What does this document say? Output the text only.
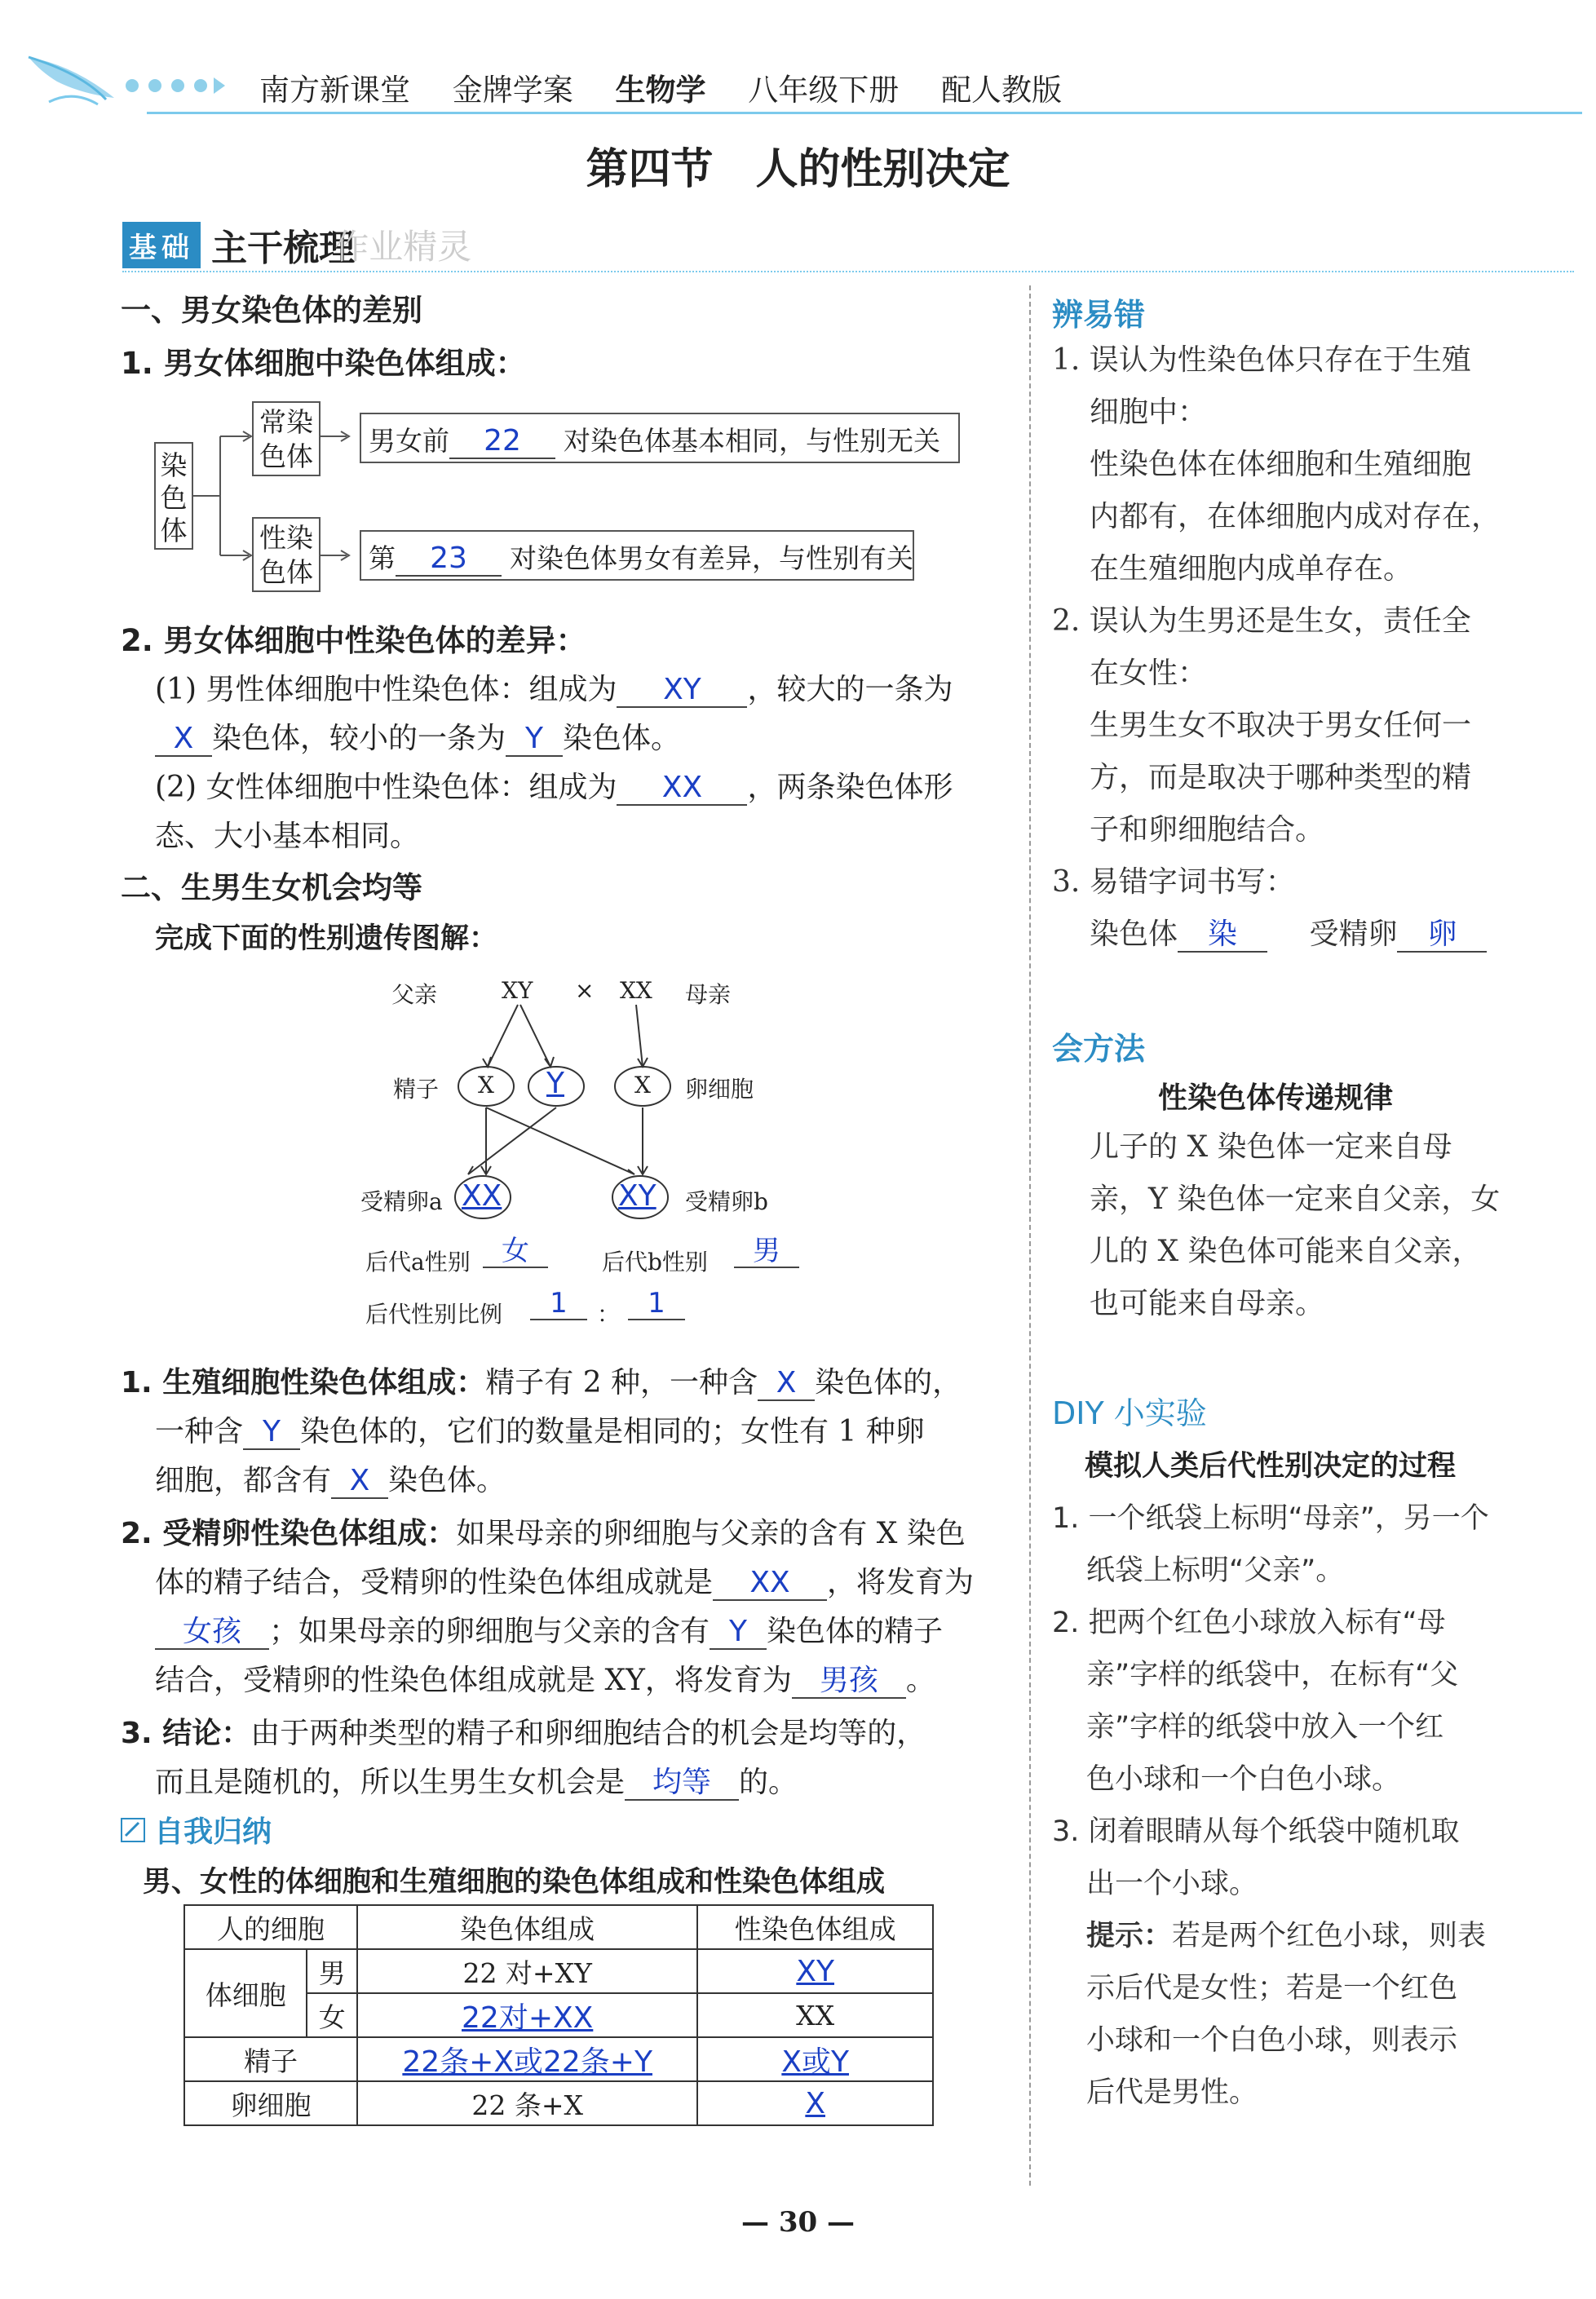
南方新课堂 金牌学案 生物学 八年级下册 配人教版
第四节　人的性别决定
基础 主干梳理 作业精灵
一、男女染色体的差别
1. 男女体细胞中染色体组成：
染色体
常染色体
性染色体
男女前 22 对染色体基本相同，与性别无关
第 23 对染色体男女有差异，与性别有关
2. 男女体细胞中性染色体的差异：
(1) 男性体细胞中性染色体：组成为 XY ，较大的一条为
X 染色体，较小的一条为 Y 染色体。
(2) 女性体细胞中性染色体：组成为 XX ，两条染色体形
态、大小基本相同。
二、生男生女机会均等
完成下面的性别遗传图解：
父亲	XY × XX 母亲
精子 X Y	X 卵细胞
受精卵a XX	XY 受精卵b
后代a性别	女	后代b性别	男
后代性别比例	1	：	1
1. 生殖细胞性染色体组成：精子有 2 种，一种含 X 染色体的，
一种含 Y 染色体的，它们的数量是相同的；女性有 1 种卵
细胞，都含有 X 染色体。
2. 受精卵性染色体组成：如果母亲的卵细胞与父亲的含有 X 染色
体的精子结合，受精卵的性染色体组成就是 XX ，将发育为
女孩 ；如果母亲的卵细胞与父亲的含有 Y 染色体的精子
结合，受精卵的性染色体组成就是 XY，将发育为 男孩 。
3. 结论：由于两种类型的精子和卵细胞结合的机会是均等的，
而且是随机的，所以生男生女机会是 均等 的。
自我归纳
男、女性的体细胞和生殖细胞的染色体组成和性染色体组成
人的细胞		染色体组成	性染色体组成
体细胞	男	22 对+XY	XY
	女	22对+XX	XX
精子		22条+X或22条+Y	X或Y
卵细胞		22 条+X	X
辨易错
1. 误认为性染色体只存在于生殖
细胞中：
性染色体在体细胞和生殖细胞
内都有，在体细胞内成对存在，
在生殖细胞内成单存在。
2. 误认为生男还是生女，责任全
在女性：
生男生女不取决于男女任何一
方，而是取决于哪种类型的精
子和卵细胞结合。
3. 易错字词书写：
染色体 染 受精卵 卵
会方法
性染色体传递规律
儿子的 X 染色体一定来自母
亲，Y 染色体一定来自父亲，女
儿的 X 染色体可能来自父亲，
也可能来自母亲。
DIY 小实验
模拟人类后代性别决定的过程
1. 一个纸袋上标明“母亲”，另一个
纸袋上标明“父亲”。
2. 把两个红色小球放入标有“母
亲”字样的纸袋中，在标有“父
亲”字样的纸袋中放入一个红
色小球和一个白色小球。
3. 闭着眼睛从每个纸袋中随机取
出一个小球。
提示：若是两个红色小球，则表
示后代是女性；若是一个红色
小球和一个白色小球，则表示
后代是男性。
— 30 —
